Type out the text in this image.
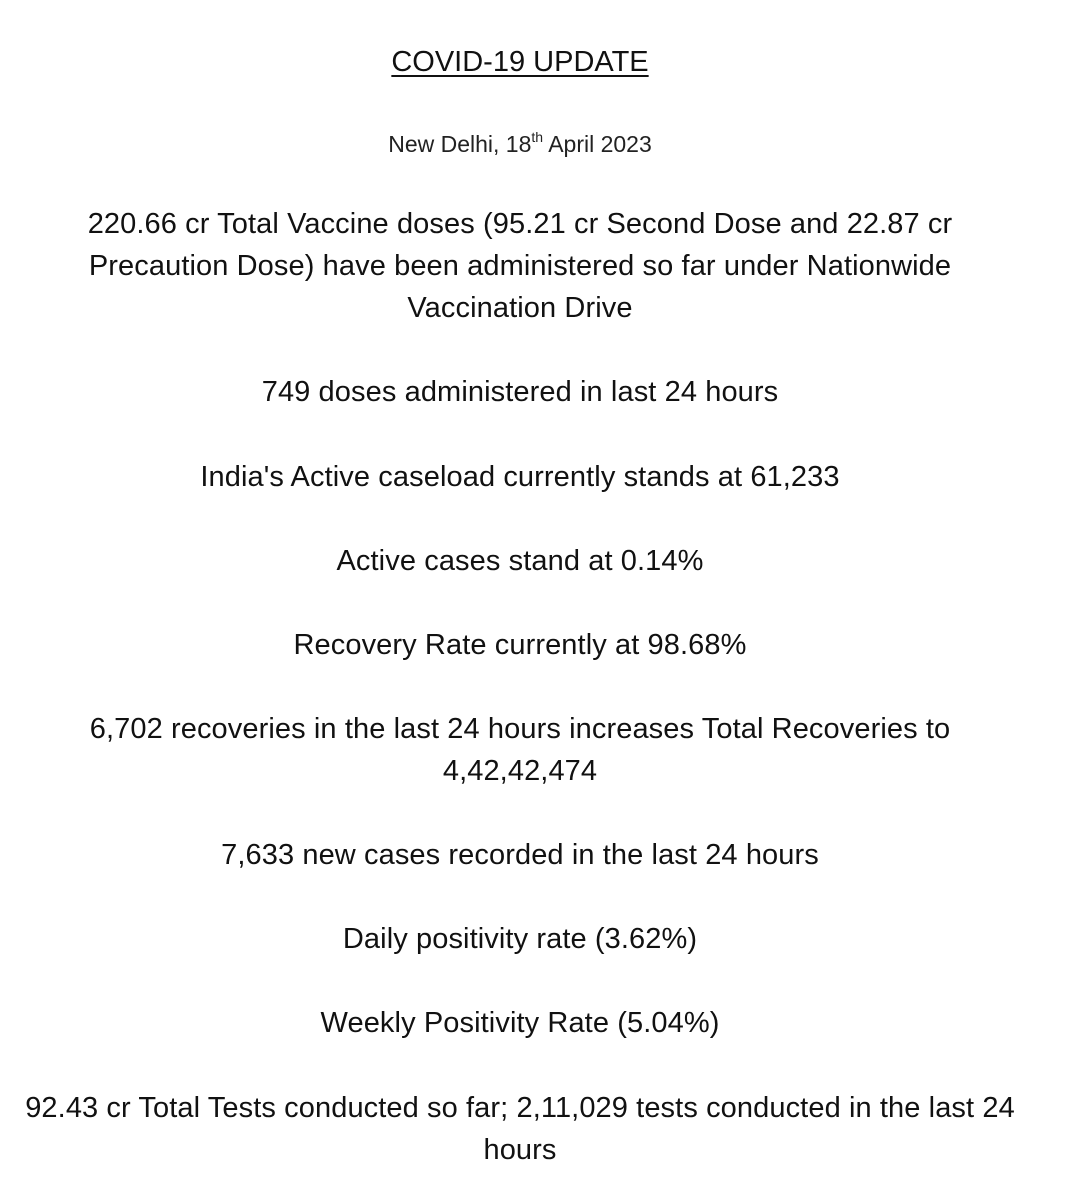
COVID-19 UPDATE
New Delhi, 18th April 2023
220.66 cr Total Vaccine doses (95.21 cr Second Dose and 22.87 cr Precaution Dose) have been administered so far under Nationwide Vaccination Drive
749 doses administered in last 24 hours
India's Active caseload currently stands at 61,233
Active cases stand at 0.14%
Recovery Rate currently at 98.68%
6,702 recoveries in the last 24 hours increases Total Recoveries to 4,42,42,474
7,633 new cases recorded in the last 24 hours
Daily positivity rate (3.62%)
Weekly Positivity Rate (5.04%)
92.43 cr Total Tests conducted so far; 2,11,029 tests conducted in the last 24 hours
